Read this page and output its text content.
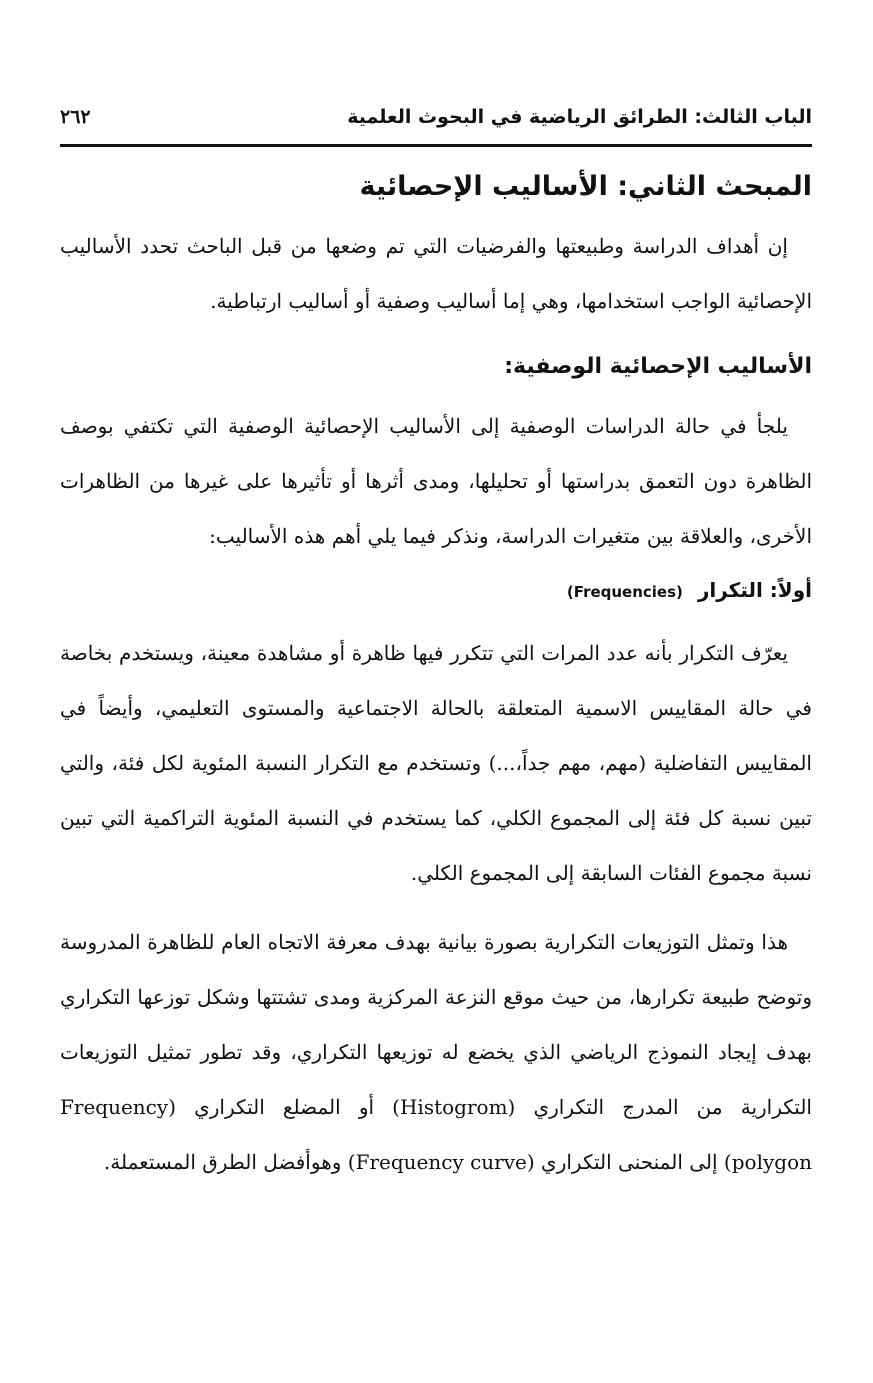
الباب الثالث: الطرائق الرياضية في البحوث العلمية
٢٦٢
المبحث الثاني: الأساليب الإحصائية

إن أهداف الدراسة وطبيعتها والفرضيات التي تم وضعها من قبل الباحث تحدد الأساليب الإحصائية الواجب استخدامها، وهي إما أساليب وصفية أو أساليب ارتباطية.

الأساليب الإحصائية الوصفية:

يلجأ في حالة الدراسات الوصفية إلى الأساليب الإحصائية الوصفية التي تكتفي بوصف الظاهرة دون التعمق بدراستها أو تحليلها، ومدى أثرها أو تأثيرها على غيرها من الظاهرات الأخرى، والعلاقة بين متغيرات الدراسة، ونذكر فيما يلي أهم هذه الأساليب:

أولاً: التكرار (Frequencies)

يعرّف التكرار بأنه عدد المرات التي تتكرر فيها ظاهرة أو مشاهدة معينة، ويستخدم بخاصة في حالة المقاييس الاسمية المتعلقة بالحالة الاجتماعية والمستوى التعليمي، وأيضاً في المقاييس التفاضلية (مهم، مهم جداً،...) وتستخدم مع التكرار النسبة المئوية لكل فئة، والتي تبين نسبة كل فئة إلى المجموع الكلي، كما يستخدم في النسبة المئوية التراكمية التي تبين نسبة مجموع الفئات السابقة إلى المجموع الكلي.

هذا وتمثل التوزيعات التكرارية بصورة بيانية بهدف معرفة الاتجاه العام للظاهرة المدروسة وتوضح طبيعة تكرارها، من حيث موقع النزعة المركزية ومدى تشتتها وشكل توزعها التكراري بهدف إيجاد النموذج الرياضي الذي يخضع له توزيعها التكراري، وقد تطور تمثيل التوزيعات التكرارية من المدرج التكراري (Histogrom) أو المضلع التكراري (Frequency polygon) إلى المنحنى التكراري (Frequency curve) وهوأفضل الطرق المستعملة.
